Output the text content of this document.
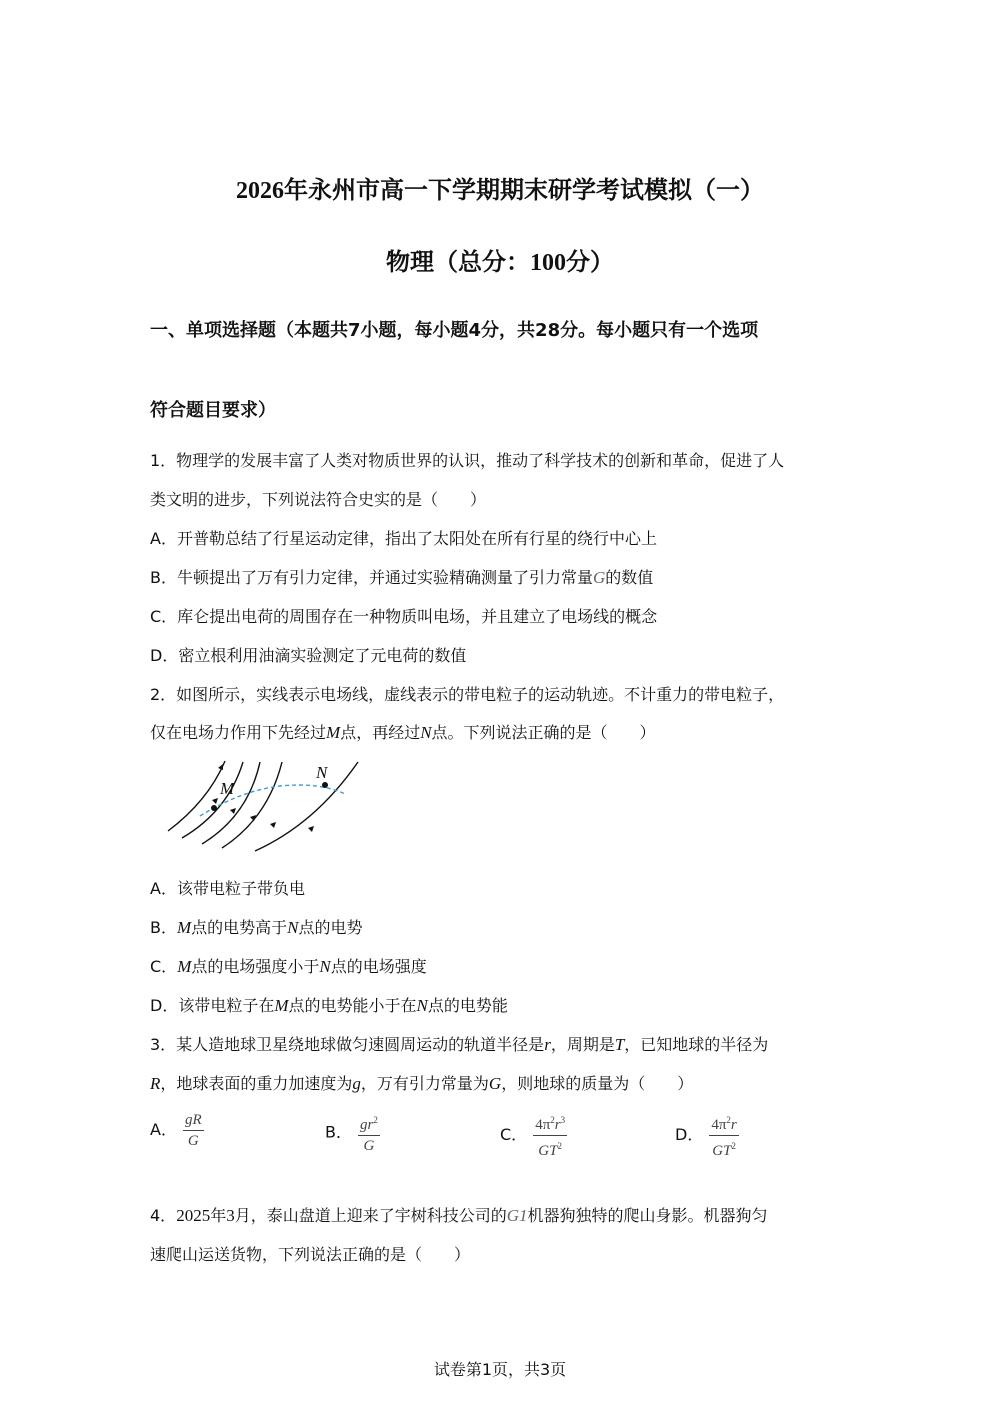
2026年永州市高一下学期期末研学考试模拟（一）
物理（总分：100分）
一、单项选择题（本题共7小题，每小题4分，共28分。每小题只有一个选项
符合题目要求）
1．物理学的发展丰富了人类对物质世界的认识，推动了科学技术的创新和革命，促进了人
类文明的进步，下列说法符合史实的是（　　）
A．开普勒总结了行星运动定律，指出了太阳处在所有行星的绕行中心上
B．牛顿提出了万有引力定律，并通过实验精确测量了引力常量G的数值
C．库仑提出电荷的周围存在一种物质叫电场，并且建立了电场线的概念
D．密立根利用油滴实验测定了元电荷的数值
2．如图所示，实线表示电场线，虚线表示的带电粒子的运动轨迹。不计重力的带电粒子，
仅在电场力作用下先经过M点，再经过N点。下列说法正确的是（　　）
M
N
A．该带电粒子带负电
B．M点的电势高于N点的电势
C．M点的电场强度小于N点的电场强度
D．该带电粒子在M点的电势能小于在N点的电势能
3．某人造地球卫星绕地球做匀速圆周运动的轨道半径是r，周期是T，已知地球的半径为
R，地球表面的重力加速度为g，万有引力常量为G，则地球的质量为（　　）
A． $\frac{gR}{G}$	B． $\frac{gr^2}{G}$	C． $\frac{4\pi^2r^3}{GT^2}$	D． $\frac{4\pi^2r}{GT^2}$
4．2025年3月，泰山盘道上迎来了宇树科技公司的G1机器狗独特的爬山身影。机器狗匀
速爬山运送货物，下列说法正确的是（　　）
试卷第1页，共3页
